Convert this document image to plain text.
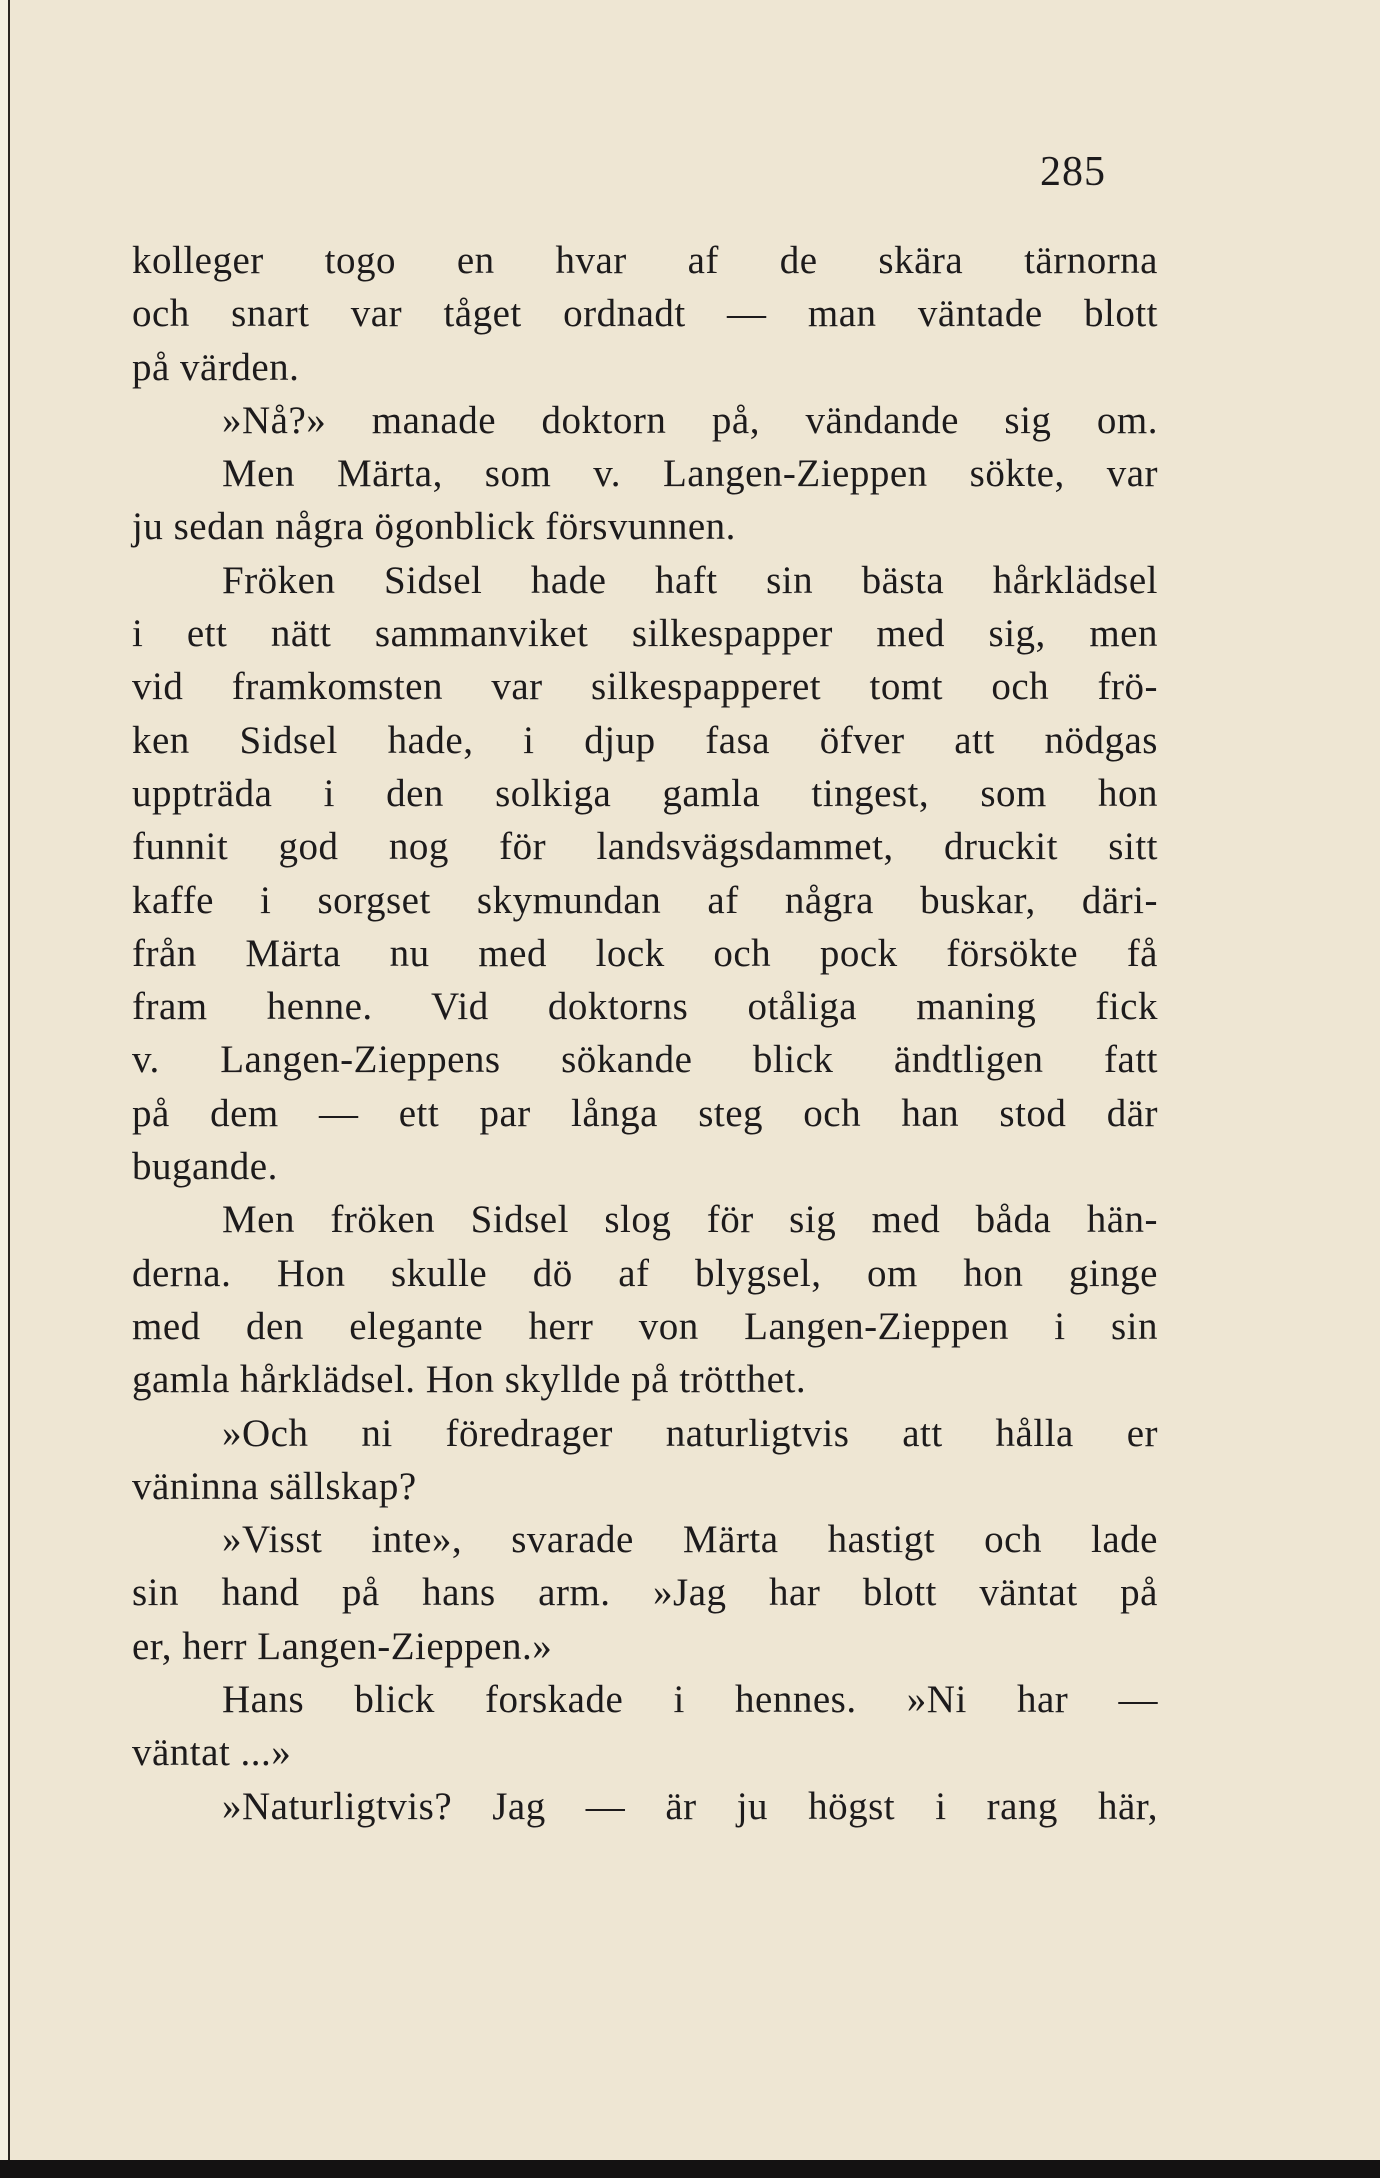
285
kolleger togo en hvar af de skära tärnorna
och snart var tåget ordnadt — man väntade blott
på värden.
»Nå?» manade doktorn på, vändande sig om.
Men Märta, som v. Langen-Zieppen sökte, var
ju sedan några ögonblick försvunnen.
Fröken Sidsel hade haft sin bästa hårklädsel
i ett nätt sammanviket silkespapper med sig, men
vid framkomsten var silkespapperet tomt och frö-
ken Sidsel hade, i djup fasa öfver att nödgas
uppträda i den solkiga gamla tingest, som hon
funnit god nog för landsvägsdammet, druckit sitt
kaffe i sorgset skymundan af några buskar, däri-
från Märta nu med lock och pock försökte få
fram henne. Vid doktorns otåliga maning fick
v. Langen-Zieppens sökande blick ändtligen fatt
på dem — ett par långa steg och han stod där
bugande.
Men fröken Sidsel slog för sig med båda hän-
derna. Hon skulle dö af blygsel, om hon ginge
med den elegante herr von Langen-Zieppen i sin
gamla hårklädsel. Hon skyllde på trötthet.
»Och ni föredrager naturligtvis att hålla er
väninna sällskap?
»Visst inte», svarade Märta hastigt och lade
sin hand på hans arm. »Jag har blott väntat på
er, herr Langen-Zieppen.»
Hans blick forskade i hennes. »Ni har —
väntat ...»
»Naturligtvis? Jag — är ju högst i rang här,
